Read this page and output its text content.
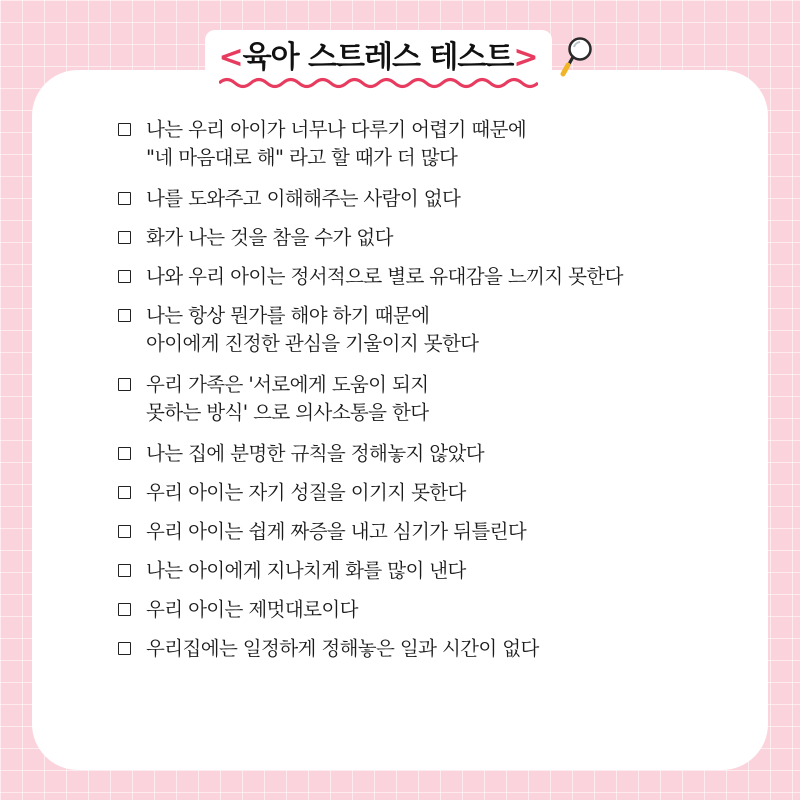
<육아 스트레스 테스트>
나는 우리 아이가 너무나 다루기 어렵기 때문에
"네 마음대로 해" 라고 할 때가 더 많다
나를 도와주고 이해해주는 사람이 없다
화가 나는 것을 참을 수가 없다
나와 우리 아이는 정서적으로 별로 유대감을 느끼지 못한다
나는 항상 뭔가를 해야 하기 때문에
아이에게 진정한 관심을 기울이지 못한다
우리 가족은 '서로에게 도움이 되지
못하는 방식' 으로 의사소통을 한다
나는 집에 분명한 규칙을 정해놓지 않았다
우리 아이는 자기 성질을 이기지 못한다
우리 아이는 쉽게 짜증을 내고 심기가 뒤틀린다
나는 아이에게 지나치게 화를 많이 낸다
우리 아이는 제멋대로이다
우리집에는 일정하게 정해놓은 일과 시간이 없다
